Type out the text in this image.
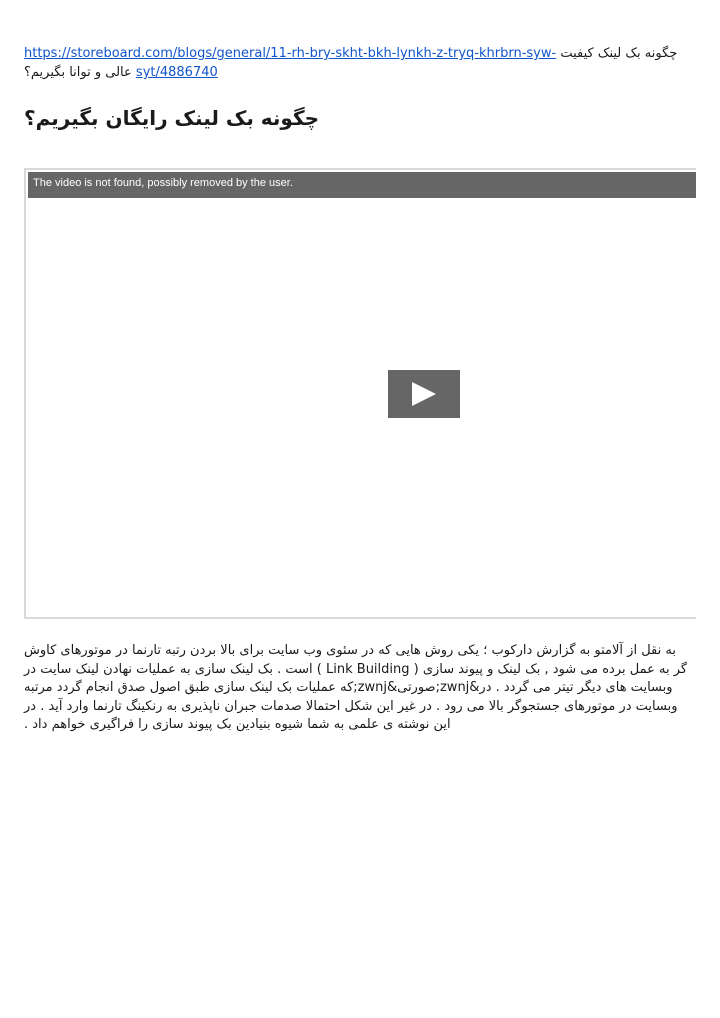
چگونه بک لینک کیفیت https://storeboard.com/blogs/general/11-rh-bry-skht-bkh-lynkh-z-tryq-khrbrn-syw-syt/4886740 عالی و توانا بگیریم؟
چگونه بک لینک رایگان بگیریم؟
The video is not found, possibly removed by the user.

به نقل از آلامتو به گزارش دارکوب ؛ یکی روش هایی که در سئوی وب سایت برای بالا بردن رتبه تارنما در موتورهای کاوش گر به عمل برده می شود , بک لینک و پیوند سازی ( Link Building ) است . بک لینک سازی به عملیات نهادن لینک سایت در وبسایت های دیگر تیتر می گردد . در&zwnj;صورتی&zwnj;که عملیات بک لینک سازی طبق اصول صدق انجام گردد مرتبه وبسایت در موتورهای جستجوگر بالا می رود . در غیر این شکل احتمالا صدمات جبران ناپذیری به رنکینگ تارنما وارد آید . در این نوشته ی علمی به شما شیوه بنیادین بک پیوند سازی را فراگیری خواهم داد .
